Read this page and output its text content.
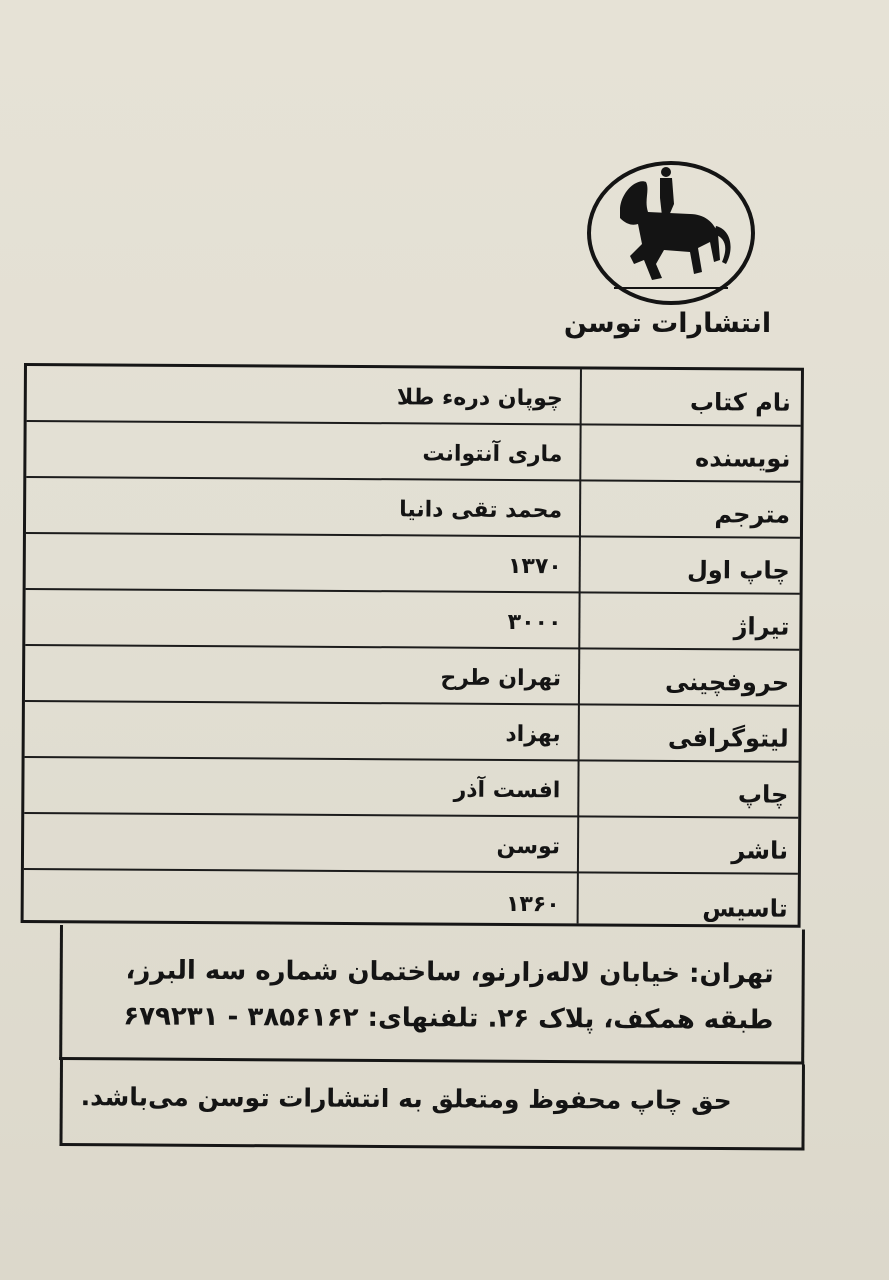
انتشارات توسن
نام کتاب
چوپان درهء طلا
نویسنده
ماری آنتوانت
مترجم
محمد تقی دانیا
چاپ اول
۱۳۷۰
تیراژ
۳۰۰۰
حروفچینی
تهران طرح
لیتوگرافی
بهزاد
چاپ
افست آذر
ناشر
توسن
تاسیس
۱۳۶۰
تهران: خیابان لاله‌زارنو، ساختمان شماره سه البرز، طبقه همکف، پلاک ۲۶. تلفنهای: ۳۸۵۶۱۶۲ - ۶۷۹۲۳۱
حق چاپ محفوظ ومتعلق به انتشارات توسن می‌باشد.
